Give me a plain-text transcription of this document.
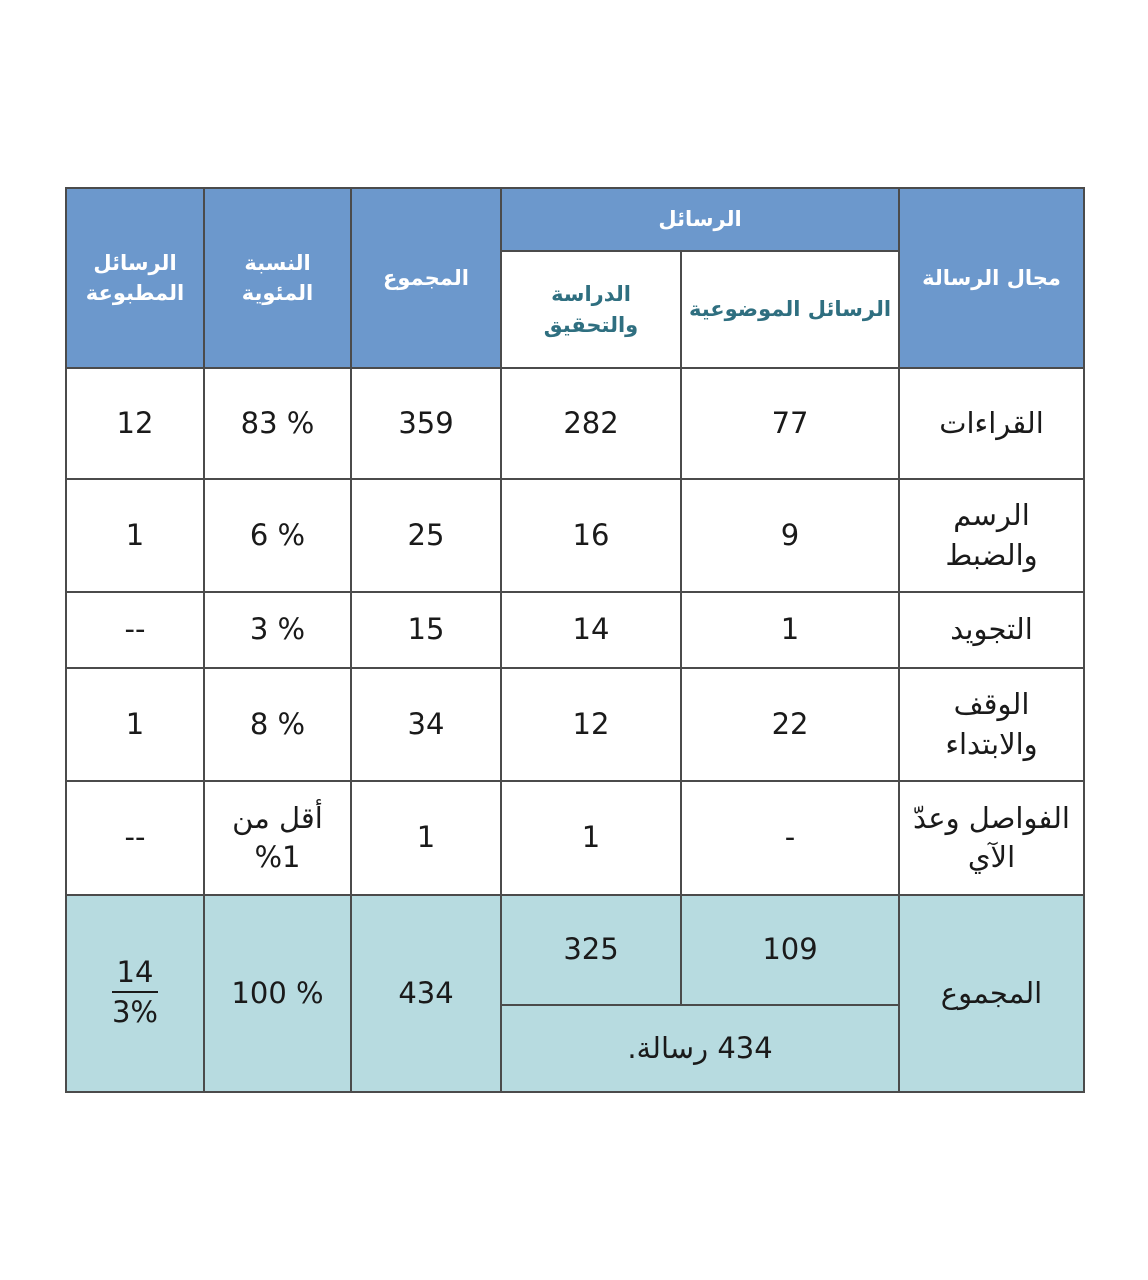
مجال الرسالة	الرسائل		المجموع	النسبة المئوية	الرسائل المطبوعة
	الرسائل الموضوعية	الدراسة والتحقيق			
القراءات	77	282	359	% 83	12
الرسم والضبط	9	16	25	% 6	1
التجويد	1	14	15	% 3	--
الوقف والابتداء	22	12	34	% 8	1
الفواصل وعدّ الآي	-	1	1	أقل من 1%	--
المجموع	109	325	434	% 100	$\frac{14}{3\%}$

	434 رسالة.				
